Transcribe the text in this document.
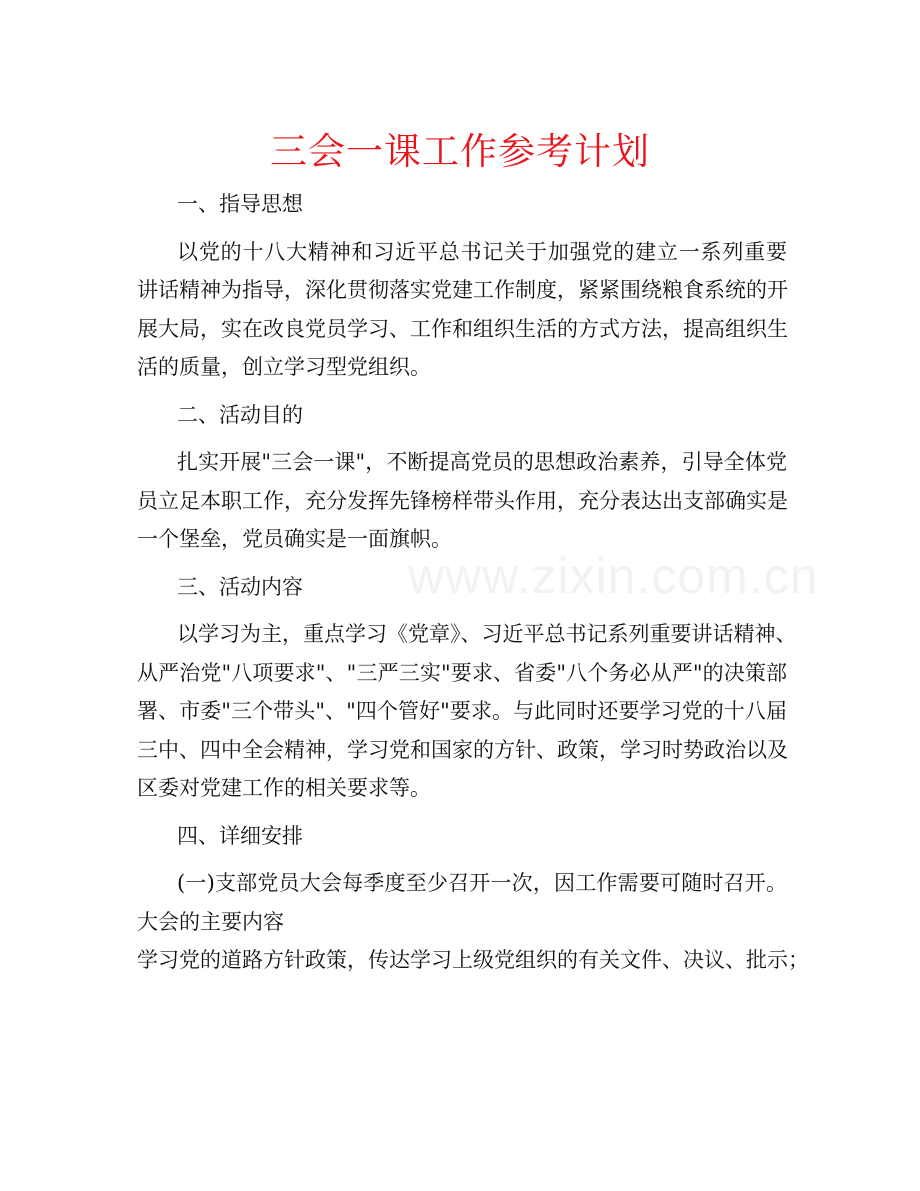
三会一课工作参考计划
www.zixin.com.cn
一、指导思想
以党的十八大精神和习近平总书记关于加强党的建立一系列重要
讲话精神为指导，深化贯彻落实党建工作制度，紧紧围绕粮食系统的开
展大局，实在改良党员学习、工作和组织生活的方式方法，提高组织生
活的质量，创立学习型党组织。
二、活动目的
扎实开展"三会一课"，不断提高党员的思想政治素养，引导全体党
员立足本职工作，充分发挥先锋榜样带头作用，充分表达出支部确实是
一个堡垒，党员确实是一面旗帜。
三、活动内容
以学习为主，重点学习《党章》、习近平总书记系列重要讲话精神、
从严治党"八项要求"、"三严三实"要求、省委"八个务必从严"的决策部
署、市委"三个带头"、"四个管好"要求。与此同时还要学习党的十八届
三中、四中全会精神，学习党和国家的方针、政策，学习时势政治以及
区委对党建工作的相关要求等。
四、详细安排
(一)支部党员大会每季度至少召开一次，因工作需要可随时召开。
大会的主要内容
学习党的道路方针政策，传达学习上级党组织的有关文件、决议、批示；
